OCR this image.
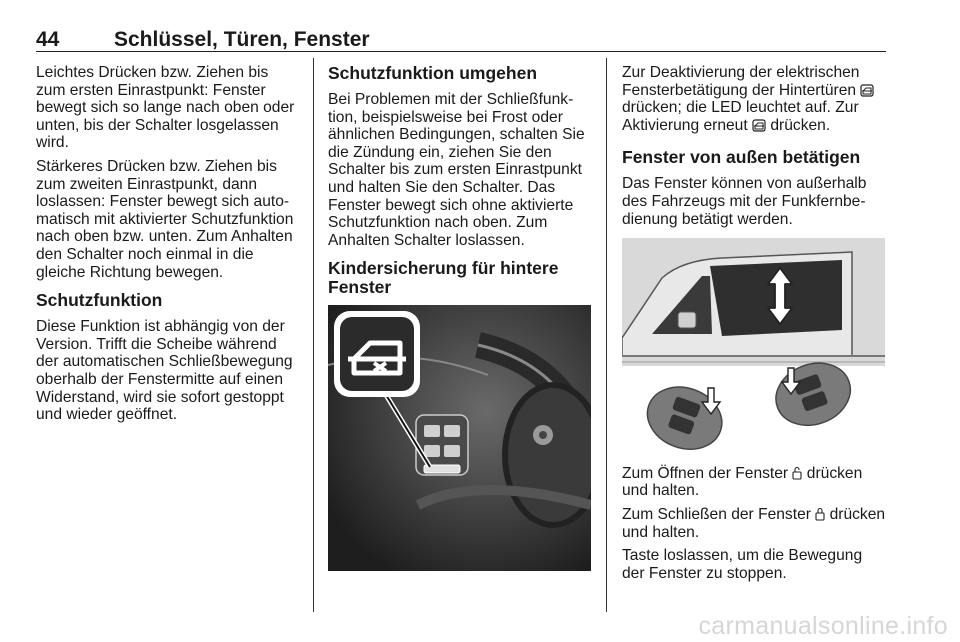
44	Schlüssel, Türen, Fenster

Leichtes Drücken bzw. Ziehen bis zum ersten Einrastpunkt: Fenster bewegt sich so lange nach oben oder unten, bis der Schalter losgelassen wird.

Stärkeres Drücken bzw. Ziehen bis zum zweiten Einrastpunkt, dann loslassen: Fenster bewegt sich auto‐matisch mit aktivierter Schutzfunktion nach oben bzw. unten. Zum Anhalten den Schalter noch einmal in die gleiche Richtung bewegen.

Schutzfunktion

Diese Funktion ist abhängig von der Version. Trifft die Scheibe während der automatischen Schließbewegung oberhalb der Fenstermitte auf einen Widerstand, wird sie sofort gestoppt und wieder geöffnet.

Schutzfunktion umgehen

Bei Problemen mit der Schließfunk‐tion, beispielsweise bei Frost oder ähnlichen Bedingungen, schalten Sie die Zündung ein, ziehen Sie den Schalter bis zum ersten Einrastpunkt und halten Sie den Schalter. Das Fenster bewegt sich ohne aktivierte Schutzfunktion nach oben. Zum Anhalten Schalter loslassen.

Kindersicherung für hintere Fenster

Zur Deaktivierung der elektrischen Fensterbetätigung der Hintertüren  drücken; die LED leuchtet auf. Zur Aktivierung erneut  drücken.

Fenster von außen betätigen

Das Fenster können von außerhalb des Fahrzeugs mit der Funkfernbe‐dienung betätigt werden.

Zum Öffnen der Fenster  drücken und halten.

Zum Schließen der Fenster  drücken und halten.

Taste loslassen, um die Bewegung der Fenster zu stoppen.

carmanualsonline.info
